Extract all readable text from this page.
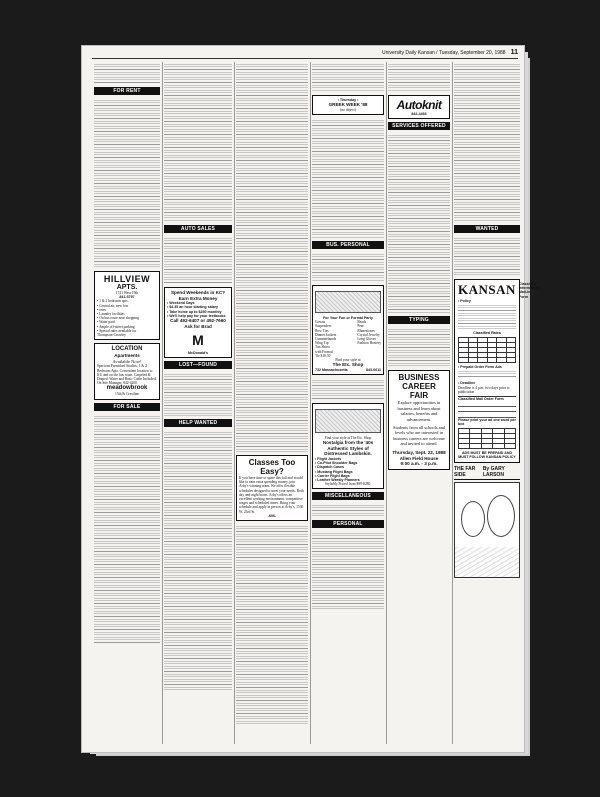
University Daily Kansan / Tuesday, September 20, 1988 11
FOR RENT
HILLVIEW
APTS.
1741 West 19th
841-5797
• 1 & 2 bedroom apts.
• Central air, new low
• rates
• Laundry facilities
• On bus route near shopping
• Water paid
• Ample off-street parking
• Special rates available for
Thompson-Crowley
LOCATION
Apartments
Available Now!
Spacious Furnished Studios, 1 & 2 Bedroom Apts. Convenient location to KU and on the bus route. Carpeted & Draped. Water and Basic Cable Included. On Site Manager. 842-4200
meadowbrook
15th & Crestline
FOR SALE
AUTO SALES
Spend Weekends in KC? Earn Extra Money
• Weekend Days
• $4.35 an hour starting salary
• Take home up to $250 monthly
• We'll help pay for your textbooks
Call 492-6407 or 492-7660 Ask for Brad
M
McDonald's
LOST—FOUND
HELP WANTED
Classes Too Easy?
If you have time to spare this fall and would like to earn extra spending money, join Arby's winning team. We offer flexible schedules designed to meet your needs. Both day and night hours. Arby's offers an excellent working environment, competitive wages and scheduled times. Bring your schedule and apply in person at Arby's, 1530 W. 23rd St.
-606-
• Thursday •
GREEK WEEK '88
(no object)
BUS. PERSONAL
For Your Fun or Formal Party
Gowns
Suspenders
Bow Ties
Dinner Jackets
Cummerbunds
Wing Tip
Tux Shirts
with Formal
Tie $18.50
Beads
Pear
Rhinestones
Crystal Jewelry
Long Gloves
Fashion Hosiery
Find your style at
The Etc. Shop
732 Massachusetts	843-0611
Find your style at The Etc. Shop
Nostalgia from the '40s
Authentic Styles of Distressed Lambskin.
• Flight Jackets
• Co-Pilot Shoulder Bags
• Dispatch Cases
• Mustang Flight Bags
• Carrier Flight Bags
• Leather Weekly Planners
Stylishly Priced from $99-$280.
MISCELLANEOUS
PERSONAL
Autoknit
842-4466
SERVICES OFFERED
TYPING
BUSINESS
CAREER
FAIR
Explore opportunities in business and learn about salaries, benefits and advancement.
Students from all schools and levels who are interested in business careers are welcome and invited to attend.
Thursday, Sept. 22, 1988
Allen Field House
9:00 a.m. - 3 p.m.
WANTED
KANSAN Classified Information
Mail-In Form
• Policy
Classified Rates

• Prepaid Order Form Ads
• Deadline
Deadline is 4 p.m. two days prior to publication
Classified Mail Order Form
Please print your ad one word per box

ADS MUST BE PREPAID AND MUST FOLLOW KANSAN POLICY
THE FAR SIDE
By GARY LARSON
